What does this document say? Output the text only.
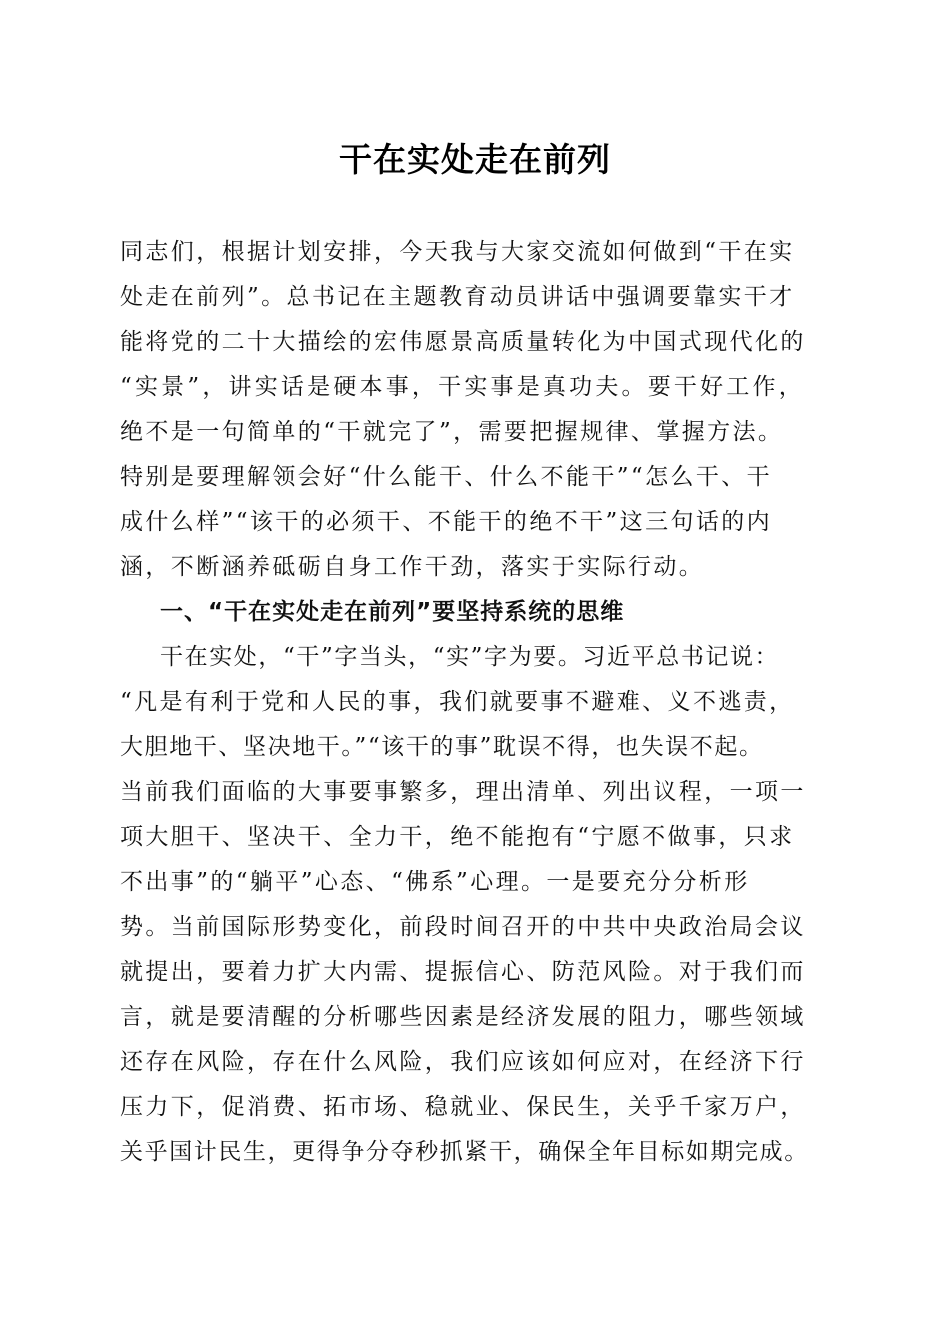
干在实处走在前列
同志们，根据计划安排，今天我与大家交流如何做到“干在实
处走在前列”。总书记在主题教育动员讲话中强调要靠实干才
能将党的二十大描绘的宏伟愿景高质量转化为中国式现代化的
“实景”，讲实话是硬本事，干实事是真功夫。要干好工作，
绝不是一句简单的“干就完了”，需要把握规律、掌握方法。
特别是要理解领会好“什么能干、什么不能干”“怎么干、干
成什么样”“该干的必须干、不能干的绝不干”这三句话的内
涵，不断涵养砥砺自身工作干劲，落实于实际行动。
一、“干在实处走在前列”要坚持系统的思维
干在实处，“干”字当头，“实”字为要。习近平总书记说：
“凡是有利于党和人民的事，我们就要事不避难、义不逃责，
大胆地干、坚决地干。”“该干的事”耽误不得，也失误不起。
当前我们面临的大事要事繁多，理出清单、列出议程，一项一
项大胆干、坚决干、全力干，绝不能抱有“宁愿不做事，只求
不出事”的“躺平”心态、“佛系”心理。一是要充分分析形
势。当前国际形势变化，前段时间召开的中共中央政治局会议
就提出，要着力扩大内需、提振信心、防范风险。对于我们而
言，就是要清醒的分析哪些因素是经济发展的阻力，哪些领域
还存在风险，存在什么风险，我们应该如何应对，在经济下行
压力下，促消费、拓市场、稳就业、保民生，关乎千家万户，
关乎国计民生，更得争分夺秒抓紧干，确保全年目标如期完成。
